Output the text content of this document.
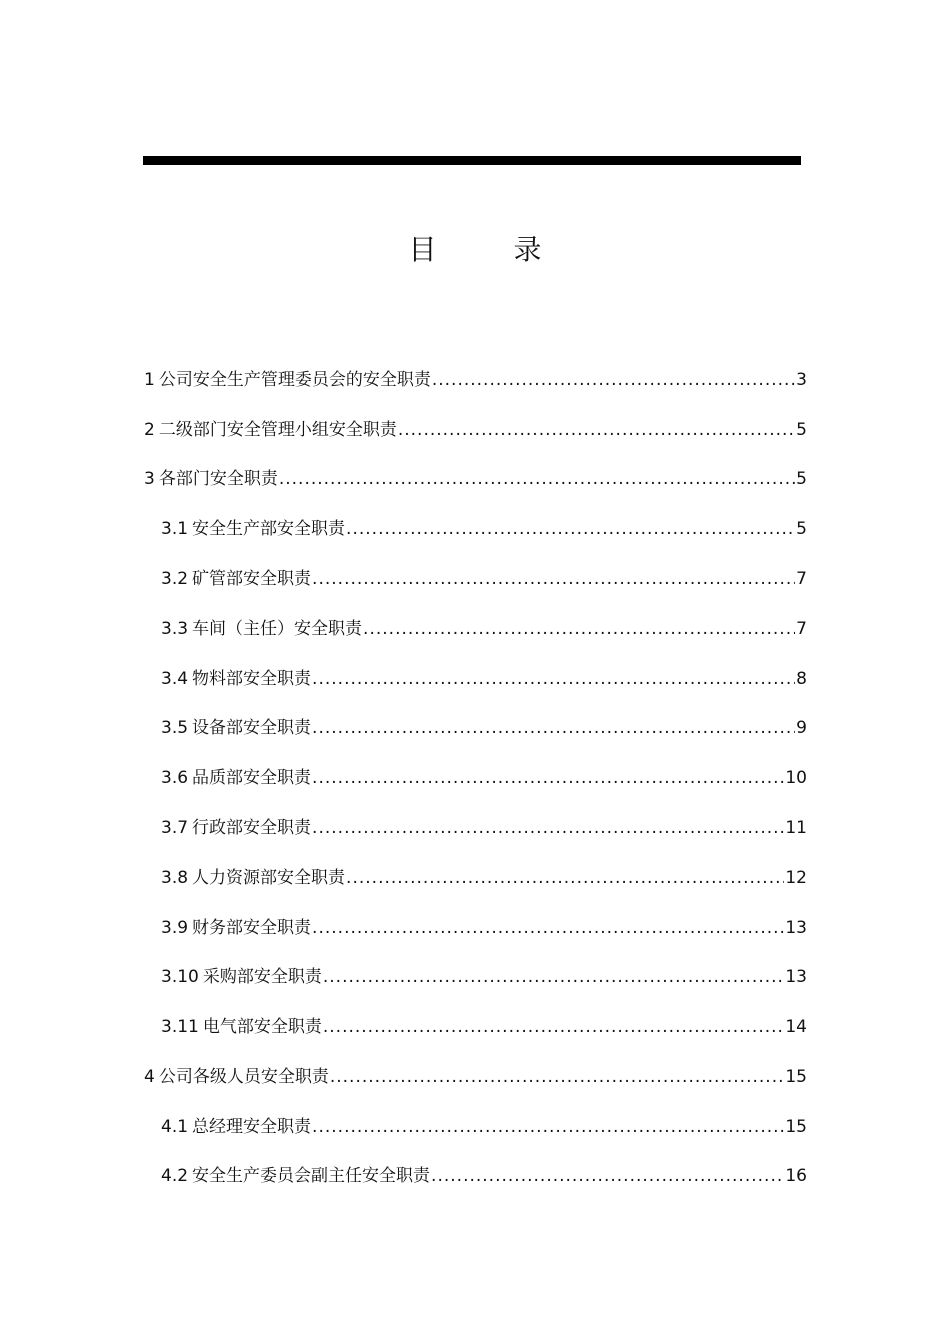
目 录
1 公司安全生产管理委员会的安全职责 .....	3
2 二级部门安全管理小组安全职责 .....	5
3 各部门安全职责 .....	5
3.1 安全生产部安全职责 .....	5
3.2 矿管部安全职责 .....	7
3.3 车间（主任）安全职责 .....	7
3.4 物料部安全职责 .....	8
3.5 设备部安全职责 .....	9
3.6 品质部安全职责 .....	10
3.7 行政部安全职责 .....	11
3.8 人力资源部安全职责 .....	12
3.9 财务部安全职责 .....	13
3.10 采购部安全职责 .....	13
3.11 电气部安全职责 .....	14
4 公司各级人员安全职责 .....	15
4.1 总经理安全职责 .....	15
4.2 安全生产委员会副主任安全职责 .....	16
